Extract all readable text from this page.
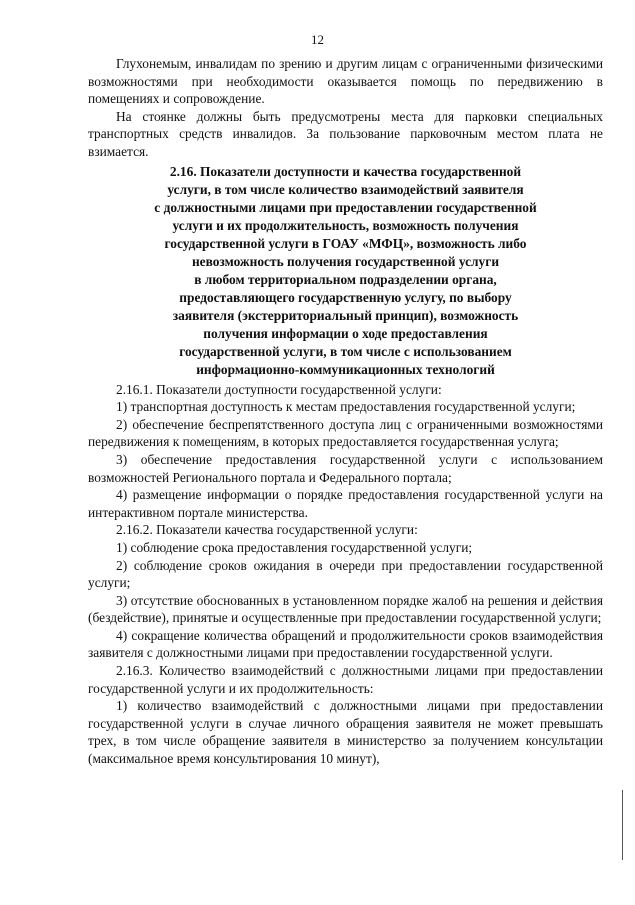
12

Глухонемым, инвалидам по зрению и другим лицам с ограниченными физическими возможностями при необходимости оказывается помощь по передвижению в помещениях и сопровождение.

На стоянке должны быть предусмотрены места для парковки специальных транспортных средств инвалидов. За пользование парковочным местом плата не взимается.

2.16. Показатели доступности и качества государственной
услуги, в том числе количество взаимодействий заявителя
с должностными лицами при предоставлении государственной
услуги и их продолжительность, возможность получения
государственной услуги в ГОАУ «МФЦ», возможность либо
невозможность получения государственной услуги
в любом территориальном подразделении органа,
предоставляющего государственную услугу, по выбору
заявителя (экстерриториальный принцип), возможность
получения информации о ходе предоставления
государственной услуги, в том числе с использованием
информационно-коммуникационных технологий

2.16.1. Показатели доступности государственной услуги:

1) транспортная доступность к местам предоставления государственной услуги;

2) обеспечение беспрепятственного доступа лиц с ограниченными возможностями передвижения к помещениям, в которых предоставляется государственная услуга;

3) обеспечение предоставления государственной услуги с использованием возможностей Регионального портала и Федерального портала;

4) размещение информации о порядке предоставления государственной услуги на интерактивном портале министерства.

2.16.2. Показатели качества государственной услуги:

1) соблюдение срока предоставления государственной услуги;

2) соблюдение сроков ожидания в очереди при предоставлении государственной услуги;

3) отсутствие обоснованных в установленном порядке жалоб на решения и действия (бездействие), принятые и осуществленные при предоставлении государственной услуги;

4) сокращение количества обращений и продолжительности сроков взаимодействия заявителя с должностными лицами при предоставлении государственной услуги.

2.16.3. Количество взаимодействий с должностными лицами при предоставлении государственной услуги и их продолжительность:

1) количество взаимодействий с должностными лицами при предоставлении государственной услуги в случае личного обращения заявителя не может превышать трех, в том числе обращение заявителя в министерство за получением консультации (максимальное время консультирования 10 минут),
